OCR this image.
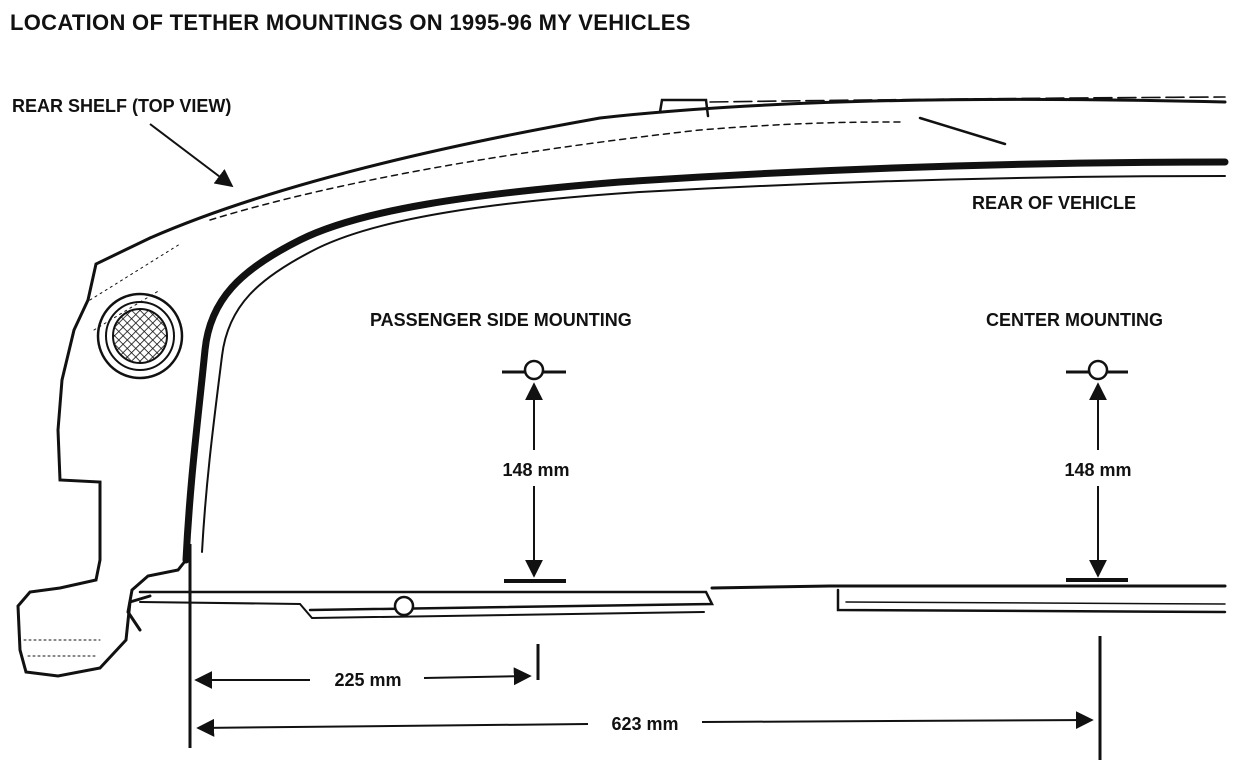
LOCATION OF TETHER MOUNTINGS ON 1995-96 MY VEHICLES
REAR SHELF (TOP VIEW)
REAR OF VEHICLE
PASSENGER SIDE MOUNTING	CENTER MOUNTING
148 mm	148 mm
225 mm
623 mm
